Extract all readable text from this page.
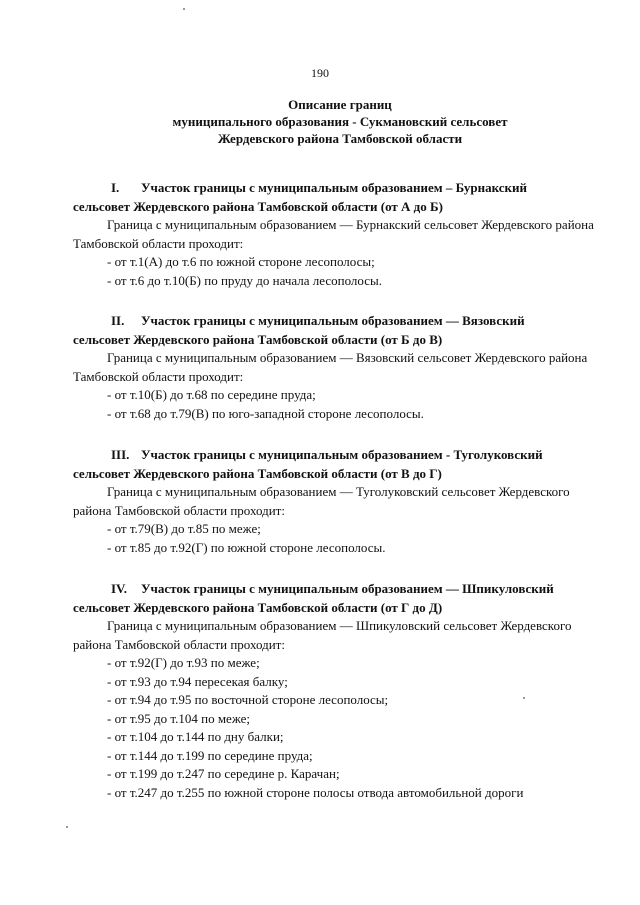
190
Описание границ
муниципального образования - Сукмановский сельсовет
Жердевского района Тамбовской области
I. Участок границы с муниципальным образованием – Бурнакский
сельсовет Жердевского района Тамбовской области (от А до Б)
Граница с муниципальным образованием — Бурнакский сельсовет Жердевского района Тамбовской области проходит:
- от т.1(А) до т.6 по южной стороне лесополосы;
- от т.6 до т.10(Б) по пруду до начала лесополосы.
II. Участок границы с муниципальным образованием — Вязовский
сельсовет Жердевского района Тамбовской области (от Б до В)
Граница с муниципальным образованием — Вязовский сельсовет Жердевского района Тамбовской области проходит:
- от т.10(Б) до т.68 по середине пруда;
- от т.68 до т.79(В) по юго-западной стороне лесополосы.
III. Участок границы с муниципальным образованием - Туголуковский
сельсовет Жердевского района Тамбовской области (от В до Г)
Граница с муниципальным образованием — Туголуковский сельсовет Жердевского района Тамбовской области проходит:
- от т.79(В) до т.85 по меже;
- от т.85 до т.92(Г) по южной стороне лесополосы.
IV. Участок границы с муниципальным образованием — Шпикуловский
сельсовет Жердевского района Тамбовской области (от Г до Д)
Граница с муниципальным образованием — Шпикуловский сельсовет Жердевского района Тамбовской области проходит:
- от т.92(Г) до т.93 по меже;
- от т.93 до т.94 пересекая балку;
- от т.94 до т.95 по восточной стороне лесополосы;
- от т.95 до т.104 по меже;
- от т.104 до т.144 по дну балки;
- от т.144 до т.199 по середине пруда;
- от т.199 до т.247 по середине р. Карачан;
- от т.247 до т.255 по южной стороне полосы отвода автомобильной дороги
